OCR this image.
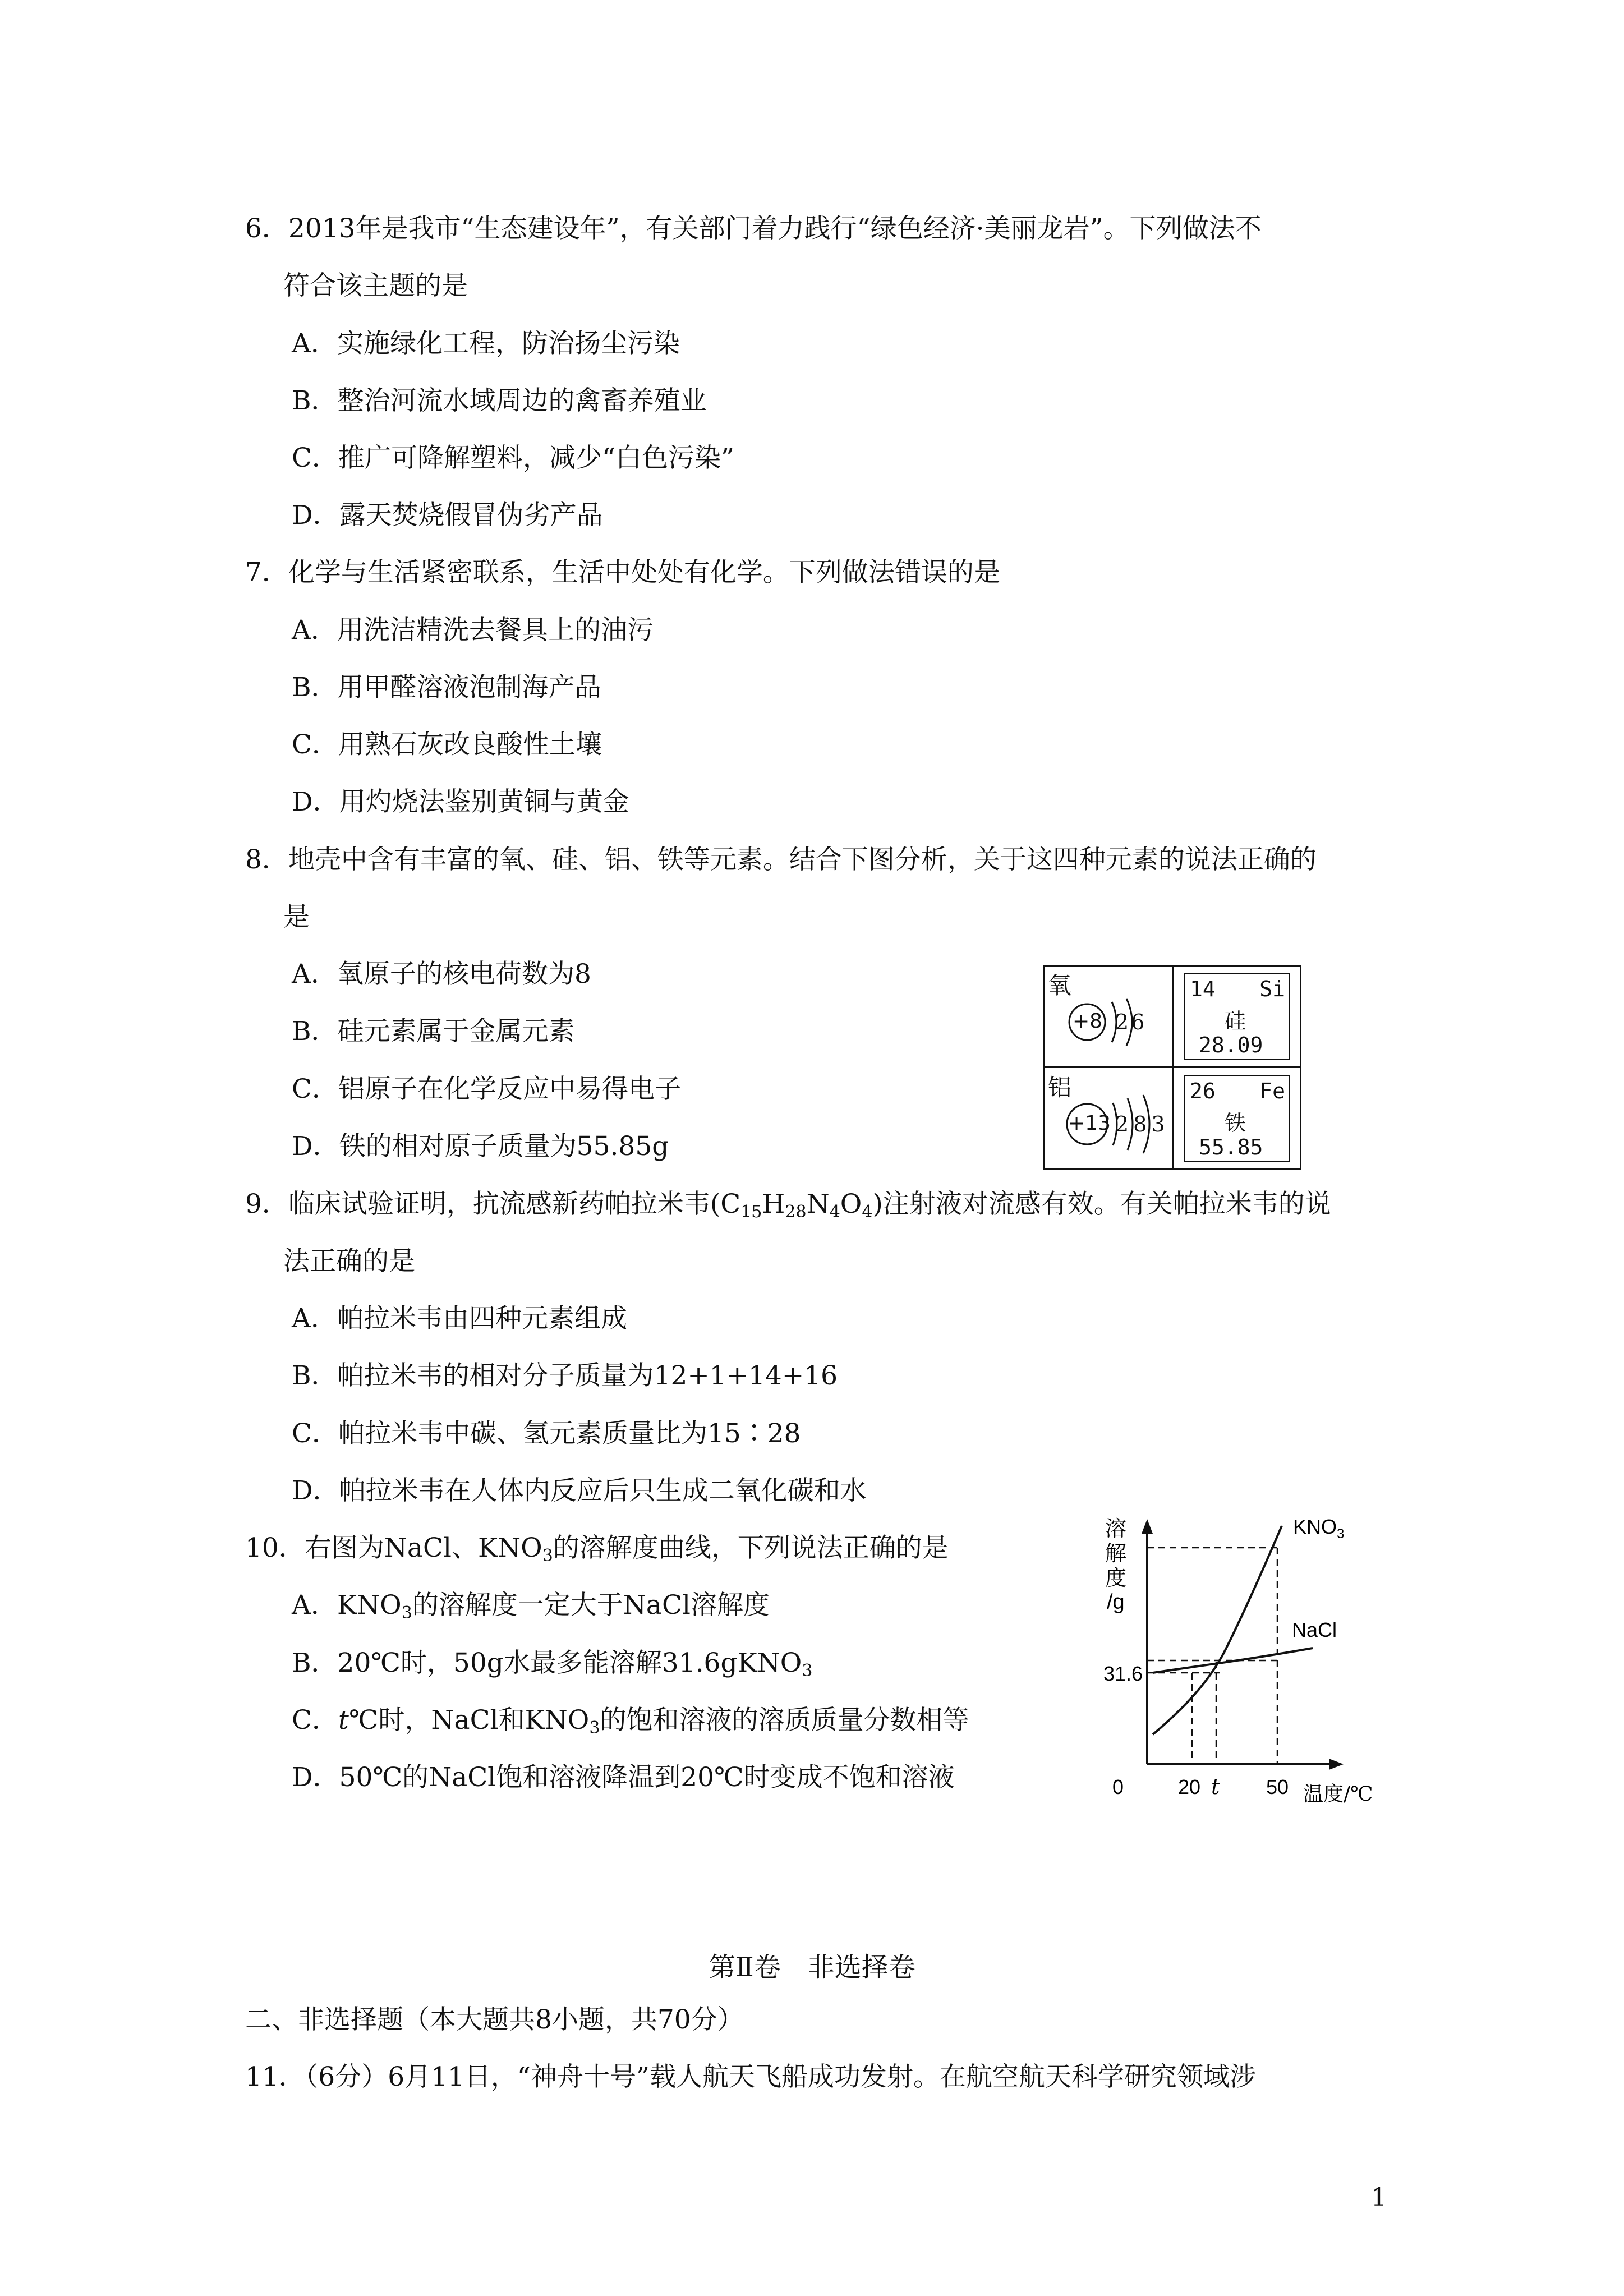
6．2013年是我市“生态建设年”，有关部门着力践行“绿色经济·美丽龙岩”。下列做法不
符合该主题的是
A．实施绿化工程，防治扬尘污染
B．整治河流水域周边的禽畜养殖业
C．推广可降解塑料，减少“白色污染”
D．露天焚烧假冒伪劣产品
7．化学与生活紧密联系，生活中处处有化学。下列做法错误的是
A．用洗洁精洗去餐具上的油污
B．用甲醛溶液泡制海产品
C．用熟石灰改良酸性土壤
D．用灼烧法鉴别黄铜与黄金
8．地壳中含有丰富的氧、硅、铝、铁等元素。结合下图分析，关于这四种元素的说法正确的
是
A．氧原子的核电荷数为8
B．硅元素属于金属元素
C．铝原子在化学反应中易得电子
D．铁的相对原子质量为55.85g
氧
+8 2 6
铝
+13 2 8 3
14 Si
硅
28.09
26 Fe
铁
55.85
9．临床试验证明，抗流感新药帕拉米韦$(C_{15}H_{28}N_4O_4)$注射液对流感有效。有关帕拉米韦的说
法正确的是
A．帕拉米韦由四种元素组成
B．帕拉米韦的相对分子质量为12+1+14+16
C．帕拉米韦中碳、氢元素质量比为15∶28
D．帕拉米韦在人体内反应后只生成二氧化碳和水
10．右图为NaCl、$KNO_3$的溶解度曲线，下列说法正确的是
A．$KNO_3$的溶解度一定大于NaCl溶解度
B．20℃时，50g水最多能溶解31.6gKNO$_3$
C．t℃时，NaCl和$KNO_3$的饱和溶液的溶质质量分数相等
D．50℃的NaCl饱和溶液降温到20℃时变成不饱和溶液
溶
解
度
/g
$KNO_3$
NaCl
31.6
0	20 t 50 温度/℃
第Ⅱ卷　非选择卷
二、非选择题（本大题共8小题，共70分）
11．（6分）6月11日，“神舟十号”载人航天飞船成功发射。在航空航天科学研究领域涉
1
